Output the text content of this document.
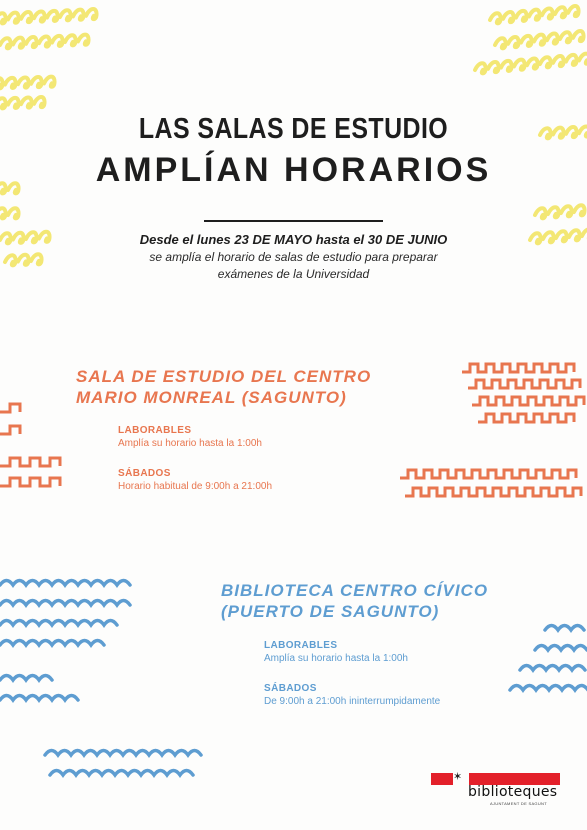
LAS SALAS DE ESTUDIO
AMPLÍAN HORARIOS
Desde el lunes 23 DE MAYO hasta el 30 DE JUNIO
se amplía el horario de salas de estudio para preparar
exámenes de la Universidad
SALA DE ESTUDIO DEL CENTRO
MARIO MONREAL (SAGUNTO)
LABORABLES
Amplía su horario hasta la 1:00h
SÁBADOS
Horario habitual de 9:00h a 21:00h
BIBLIOTECA CENTRO CÍVICO
(PUERTO DE SAGUNTO)
LABORABLES
Amplía su horario hasta la 1:00h
SÁBADOS
De 9:00h a 21:00h ininterrumpidamente
✶
biblioteques
AJUNTAMENT DE SAGUNT
